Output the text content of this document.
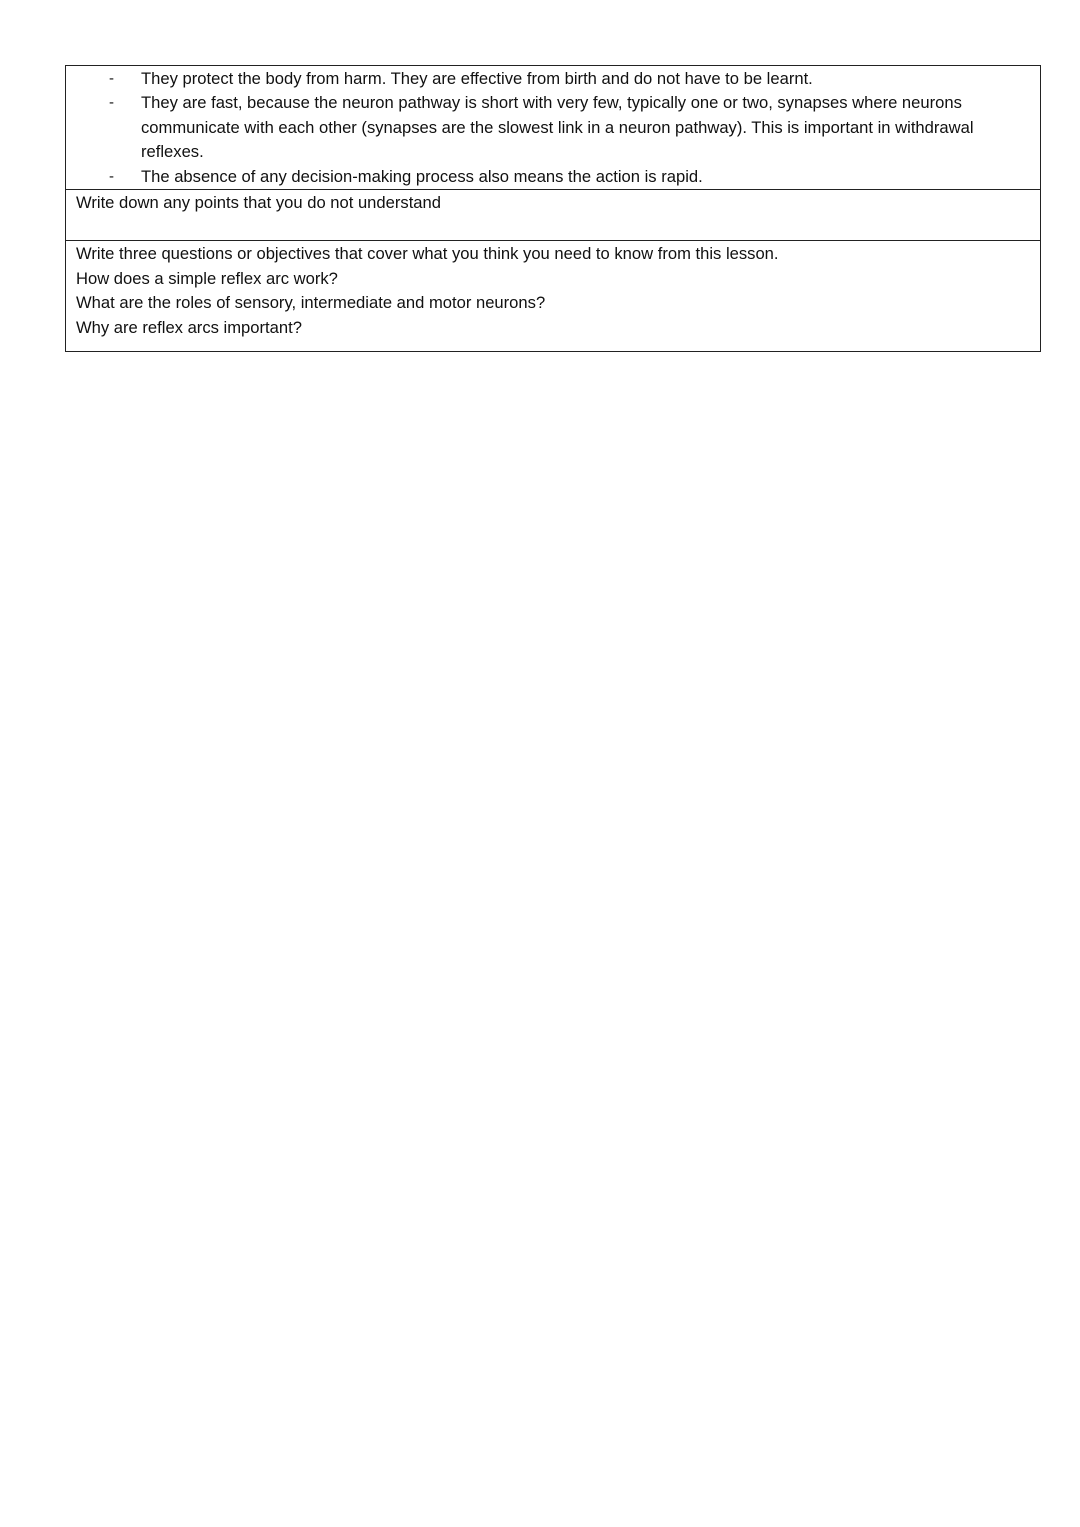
- They protect the body from harm. They are effective from birth and do not have to be learnt.
- They are fast, because the neuron pathway is short with very few, typically one or two, synapses where neurons communicate with each other (synapses are the slowest link in a neuron pathway). This is important in withdrawal reflexes.
- The absence of any decision-making process also means the action is rapid.
Write down any points that you do not understand
Write three questions or objectives that cover what you think you need to know from this lesson.
How does a simple reflex arc work?
What are the roles of sensory, intermediate and motor neurons?
Why are reflex arcs important?
